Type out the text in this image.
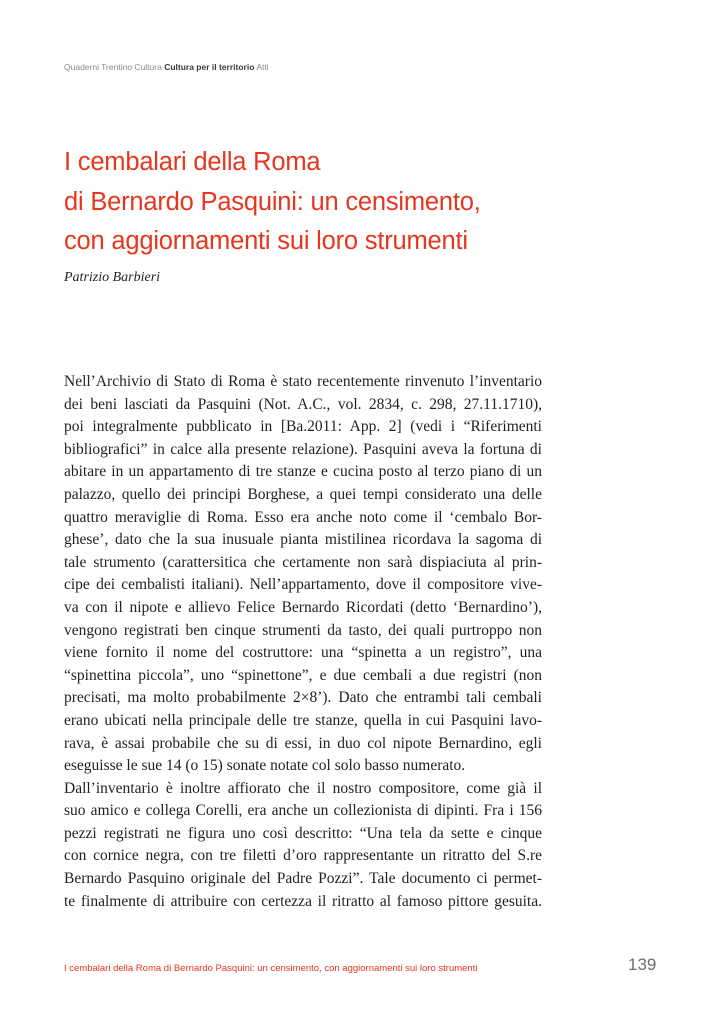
Quaderni Trentino Cultura Cultura per il territorio Atti
I cembalari della Roma
di Bernardo Pasquini: un censimento,
con aggiornamenti sui loro strumenti
Patrizio Barbieri

Nell’Archivio di Stato di Roma è stato recentemente rinvenuto l’inventario

dei beni lasciati da Pasquini (Not. A.C., vol. 2834, c. 298, 27.11.1710),

poi integralmente pubblicato in [Ba.2011: App. 2] (vedi i “Riferimenti

bibliografici” in calce alla presente relazione). Pasquini aveva la fortuna di

abitare in un appartamento di tre stanze e cucina posto al terzo piano di un

palazzo, quello dei principi Borghese, a quei tempi considerato una delle

quattro meraviglie di Roma. Esso era anche noto come il ‘cembalo Bor-

ghese’, dato che la sua inusuale pianta mistilinea ricordava la sagoma di

tale strumento (carattersitica che certamente non sarà dispiaciuta al prin-

cipe dei cembalisti italiani). Nell’appartamento, dove il compositore vive-

va con il nipote e allievo Felice Bernardo Ricordati (detto ‘Bernardino’),

vengono registrati ben cinque strumenti da tasto, dei quali purtroppo non

viene fornito il nome del costruttore: una “spinetta a un registro”, una

“spinettina piccola”, uno “spinettone”, e due cembali a due registri (non

precisati, ma molto probabilmente 2×8’). Dato che entrambi tali cembali

erano ubicati nella principale delle tre stanze, quella in cui Pasquini lavo-

rava, è assai probabile che su di essi, in duo col nipote Bernardino, egli

eseguisse le sue 14 (o 15) sonate notate col solo basso numerato.

Dall’inventario è inoltre affiorato che il nostro compositore, come già il

suo amico e collega Corelli, era anche un collezionista di dipinti. Fra i 156

pezzi registrati ne figura uno così descritto: “Una tela da sette e cinque

con cornice negra, con tre filetti d’oro rappresentante un ritratto del S.re

Bernardo Pasquino originale del Padre Pozzi”. Tale documento ci permet-

te finalmente di attribuire con certezza il ritratto al famoso pittore gesuita.

I cembalari della Roma di Bernardo Pasquini: un censimento, con aggiornamenti sui loro strumenti	139
